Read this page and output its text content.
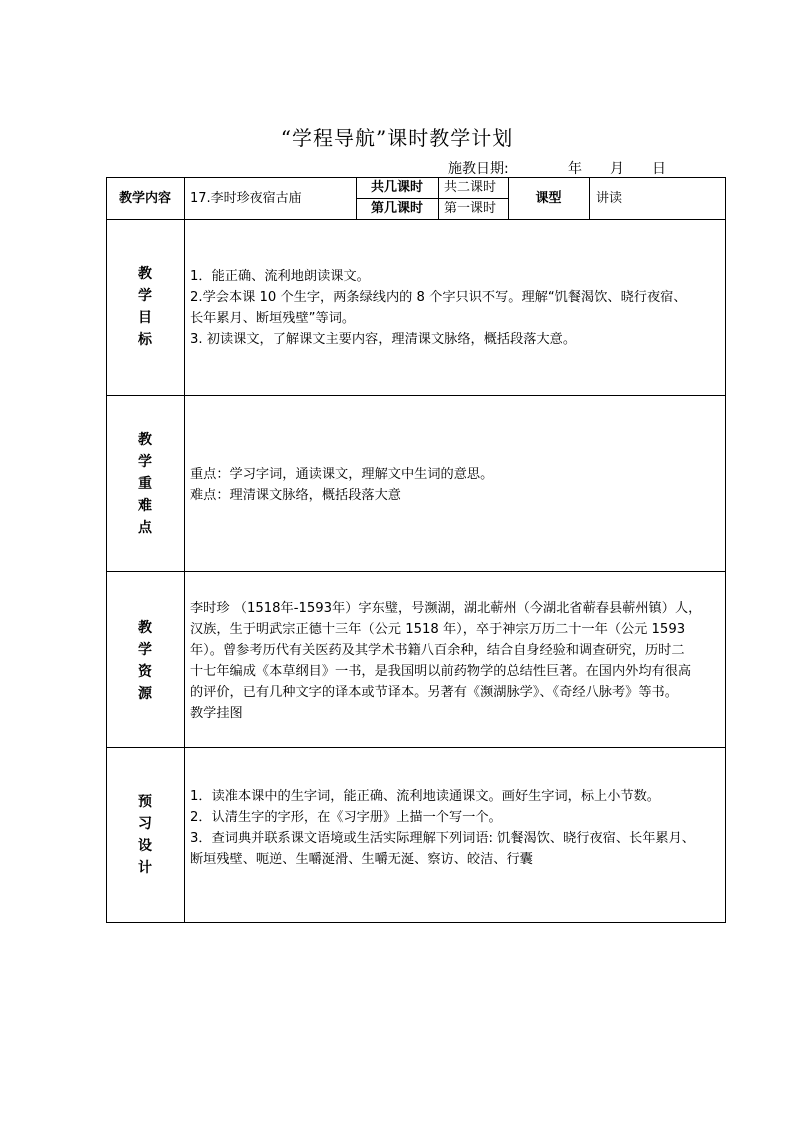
“学程导航”课时教学计划
施教日期:	年 月 日
教学内容	17.李时珍夜宿古庙
共几课时	共二课时
第几课时	第一课时
课型	讲读
教
学
目
标

1．能正确、流利地朗读课文。

2.学会本课 10 个生字，两条绿线内的 8 个字只识不写。理解“饥餐渴饮、晓行夜宿、

长年累月、断垣残壁”等词。

3. 初读课文，了解课文主要内容，理清课文脉络，概括段落大意。

教
学
重
难
点

重点：学习字词，通读课文，理解文中生词的意思。

难点：理清课文脉络，概括段落大意

教
学
资
源

李时珍 （1518年-1593年）字东璧，号濒湖，湖北蕲州（今湖北省蕲春县蕲州镇）人，

汉族，生于明武宗正德十三年（公元 1518 年），卒于神宗万历二十一年（公元 1593

年）。曾参考历代有关医药及其学术书籍八百余种，结合自身经验和调查研究，历时二

十七年编成《本草纲目》一书，是我国明以前药物学的总结性巨著。在国内外均有很高

的评价，已有几种文字的译本或节译本。另著有《濒湖脉学》、《奇经八脉考》等书。

教学挂图

预
习
设
计

1．读准本课中的生字词，能正确、流利地读通课文。画好生字词，标上小节数。

2．认清生字的字形，在《习字册》上描一个写一个。

3．查词典并联系课文语境或生活实际理解下列词语: 饥餐渴饮、晓行夜宿、长年累月、

断垣残壁、呃逆、生嚼涎滑、生嚼无涎、察访、皎洁、行囊
